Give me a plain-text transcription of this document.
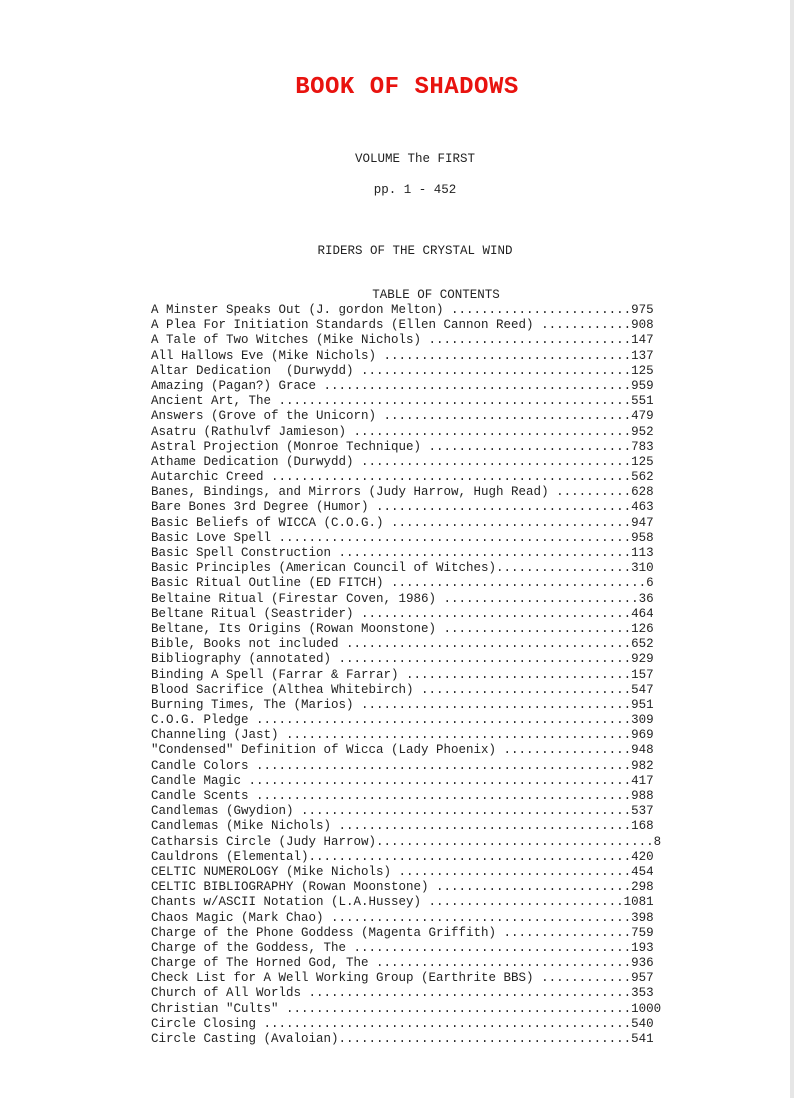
BOOK OF SHADOWS

VOLUME The FIRST

pp. 1 - 452

RIDERS OF THE CRYSTAL WIND

TABLE OF CONTENTS

A Minster Speaks Out (J. gordon Melton) ........................975
A Plea For Initiation Standards (Ellen Cannon Reed) ............908
A Tale of Two Witches (Mike Nichols) ...........................147
All Hallows Eve (Mike Nichols) .................................137
Altar Dedication  (Durwydd) ....................................125
Amazing (Pagan?) Grace .........................................959
Ancient Art, The ...............................................551
Answers (Grove of the Unicorn) .................................479
Asatru (Rathulvf Jamieson) .....................................952
Astral Projection (Monroe Technique) ...........................783
Athame Dedication (Durwydd) ....................................125
Autarchic Creed ................................................562
Banes, Bindings, and Mirrors (Judy Harrow, Hugh Read) ..........628
Bare Bones 3rd Degree (Humor) ..................................463
Basic Beliefs of WICCA (C.O.G.) ................................947
Basic Love Spell ...............................................958
Basic Spell Construction .......................................113
Basic Principles (American Council of Witches)..................310
Basic Ritual Outline (ED FITCH) ..................................6
Beltaine Ritual (Firestar Coven, 1986) ..........................36
Beltane Ritual (Seastrider) ....................................464
Beltane, Its Origins (Rowan Moonstone) .........................126
Bible, Books not included ......................................652
Bibliography (annotated) .......................................929
Binding A Spell (Farrar & Farrar) ..............................157
Blood Sacrifice (Althea Whitebirch) ............................547
Burning Times, The (Marios) ....................................951
C.O.G. Pledge ..................................................309
Channeling (Jast) ..............................................969
"Condensed" Definition of Wicca (Lady Phoenix) .................948
Candle Colors ..................................................982
Candle Magic ...................................................417
Candle Scents ..................................................988
Candlemas (Gwydion) ............................................537
Candlemas (Mike Nichols) .......................................168
Catharsis Circle (Judy Harrow).....................................8
Cauldrons (Elemental)...........................................420
CELTIC NUMEROLOGY (Mike Nichols) ...............................454
CELTIC BIBLIOGRAPHY (Rowan Moonstone) ..........................298
Chants w/ASCII Notation (L.A.Hussey) ..........................1081
Chaos Magic (Mark Chao) ........................................398
Charge of the Phone Goddess (Magenta Griffith) .................759
Charge of the Goddess, The .....................................193
Charge of The Horned God, The ..................................936
Check List for A Well Working Group (Earthrite BBS) ............957
Church of All Worlds ...........................................353
Christian "Cults" ..............................................1000
Circle Closing .................................................540
Circle Casting (Avaloian).......................................541
